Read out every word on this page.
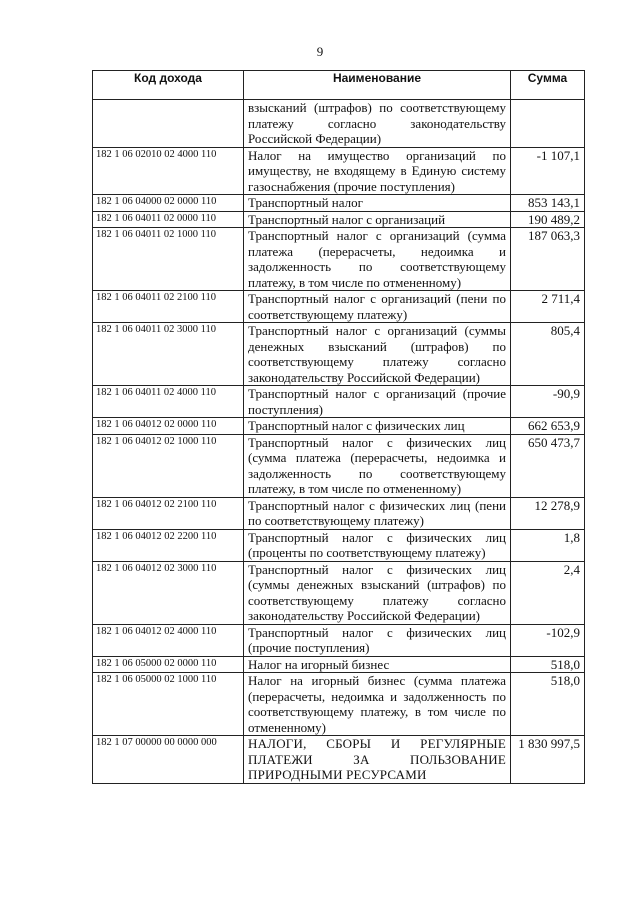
9
Код дохода	Наименование	Сумма
	взысканий (штрафов) по соответствующему платежу согласно законодательству Российской Федерации)	
182 1 06 02010 02 4000 110	Налог на имущество организаций по имуществу, не входящему в Единую систему газоснабжения (прочие поступления)	-1 107,1
182 1 06 04000 02 0000 110	Транспортный налог	853 143,1
182 1 06 04011 02 0000 110	Транспортный налог с организаций	190 489,2
182 1 06 04011 02 1000 110	Транспортный налог с организаций (сумма платежа (перерасчеты, недоимка и задолженность по соответствующему платежу, в том числе по отмененному)	187 063,3
182 1 06 04011 02 2100 110	Транспортный налог с организаций (пени по соответствующему платежу)	2 711,4
182 1 06 04011 02 3000 110	Транспортный налог с организаций (суммы денежных взысканий (штрафов) по соответствующему платежу согласно законодательству Российской Федерации)	805,4
182 1 06 04011 02 4000 110	Транспортный налог с организаций (прочие поступления)	-90,9
182 1 06 04012 02 0000 110	Транспортный налог с физических лиц	662 653,9
182 1 06 04012 02 1000 110	Транспортный налог с физических лиц (сумма платежа (перерасчеты, недоимка и задолженность по соответствующему платежу, в том числе по отмененному)	650 473,7
182 1 06 04012 02 2100 110	Транспортный налог с физических лиц (пени по соответствующему платежу)	12 278,9
182 1 06 04012 02 2200 110	Транспортный налог с физических лиц (проценты по соответствующему платежу)	1,8
182 1 06 04012 02 3000 110	Транспортный налог с физических лиц (суммы денежных взысканий (штрафов) по соответствующему платежу согласно законодательству Российской Федерации)	2,4
182 1 06 04012 02 4000 110	Транспортный налог с физических лиц (прочие поступления)	-102,9
182 1 06 05000 02 0000 110	Налог на игорный бизнес	518,0
182 1 06 05000 02 1000 110	Налог на игорный бизнес (сумма платежа (перерасчеты, недоимка и задолженность по соответствующему платежу, в том числе по отмененному)	518,0
182 1 07 00000 00 0000 000	НАЛОГИ, СБОРЫ И РЕГУЛЯРНЫЕ ПЛАТЕЖИ ЗА ПОЛЬЗОВАНИЕ ПРИРОДНЫМИ РЕСУРСАМИ	1 830 997,5
